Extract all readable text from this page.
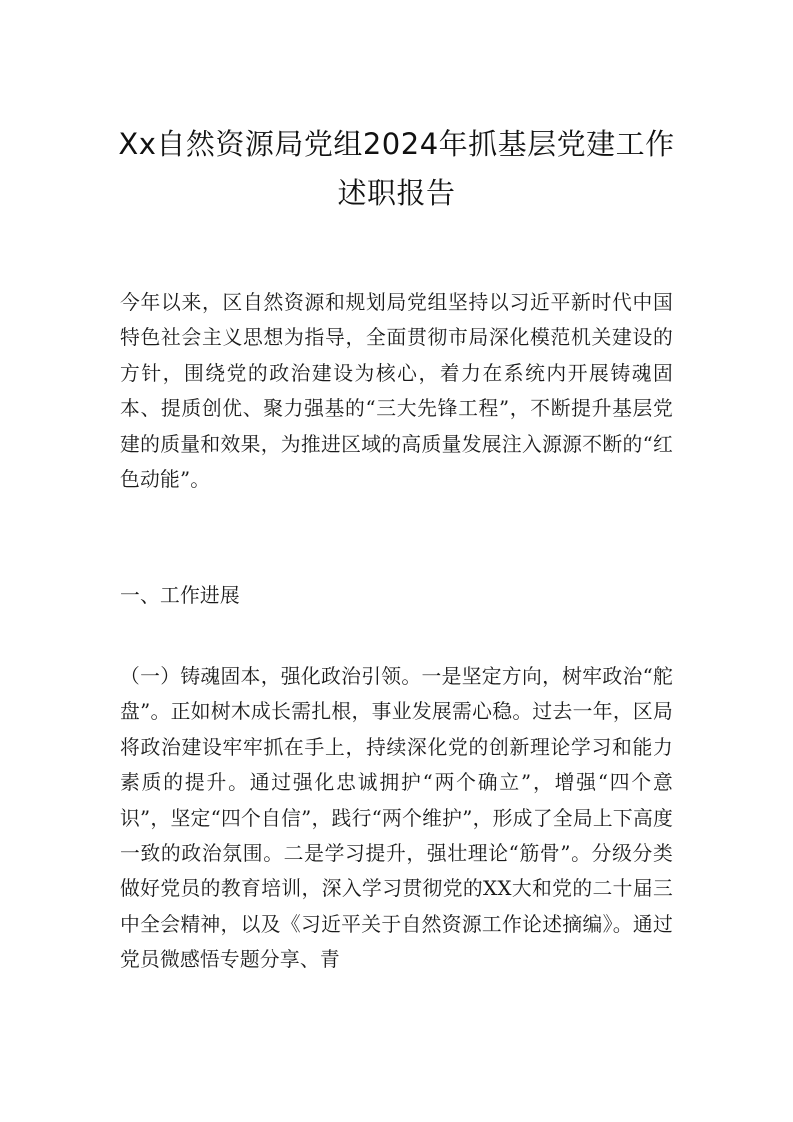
Xx自然资源局党组2024年抓基层党建工作
述职报告

今年以来，区自然资源和规划局党组坚持以习近平新时代中国特色社会主义思想为指导，全面贯彻市局深化模范机关建设的方针，围绕党的政治建设为核心，着力在系统内开展铸魂固本、提质创优、聚力强基的“三大先锋工程”，不断提升基层党建的质量和效果，为推进区域的高质量发展注入源源不断的“红色动能”。

一、工作进展

（一）铸魂固本，强化政治引领。一是坚定方向，树牢政治“舵盘”。正如树木成长需扎根，事业发展需心稳。过去一年，区局将政治建设牢牢抓在手上，持续深化党的创新理论学习和能力素质的提升。通过强化忠诚拥护“两个确立”，增强“四个意识”，坚定“四个自信”，践行“两个维护”，形成了全局上下高度一致的政治氛围。二是学习提升，强壮理论“筋骨”。分级分类做好党员的教育培训，深入学习贯彻党的XX大和党的二十届三中全会精神，以及《习近平关于自然资源工作论述摘编》。通过党员微感悟专题分享、青
